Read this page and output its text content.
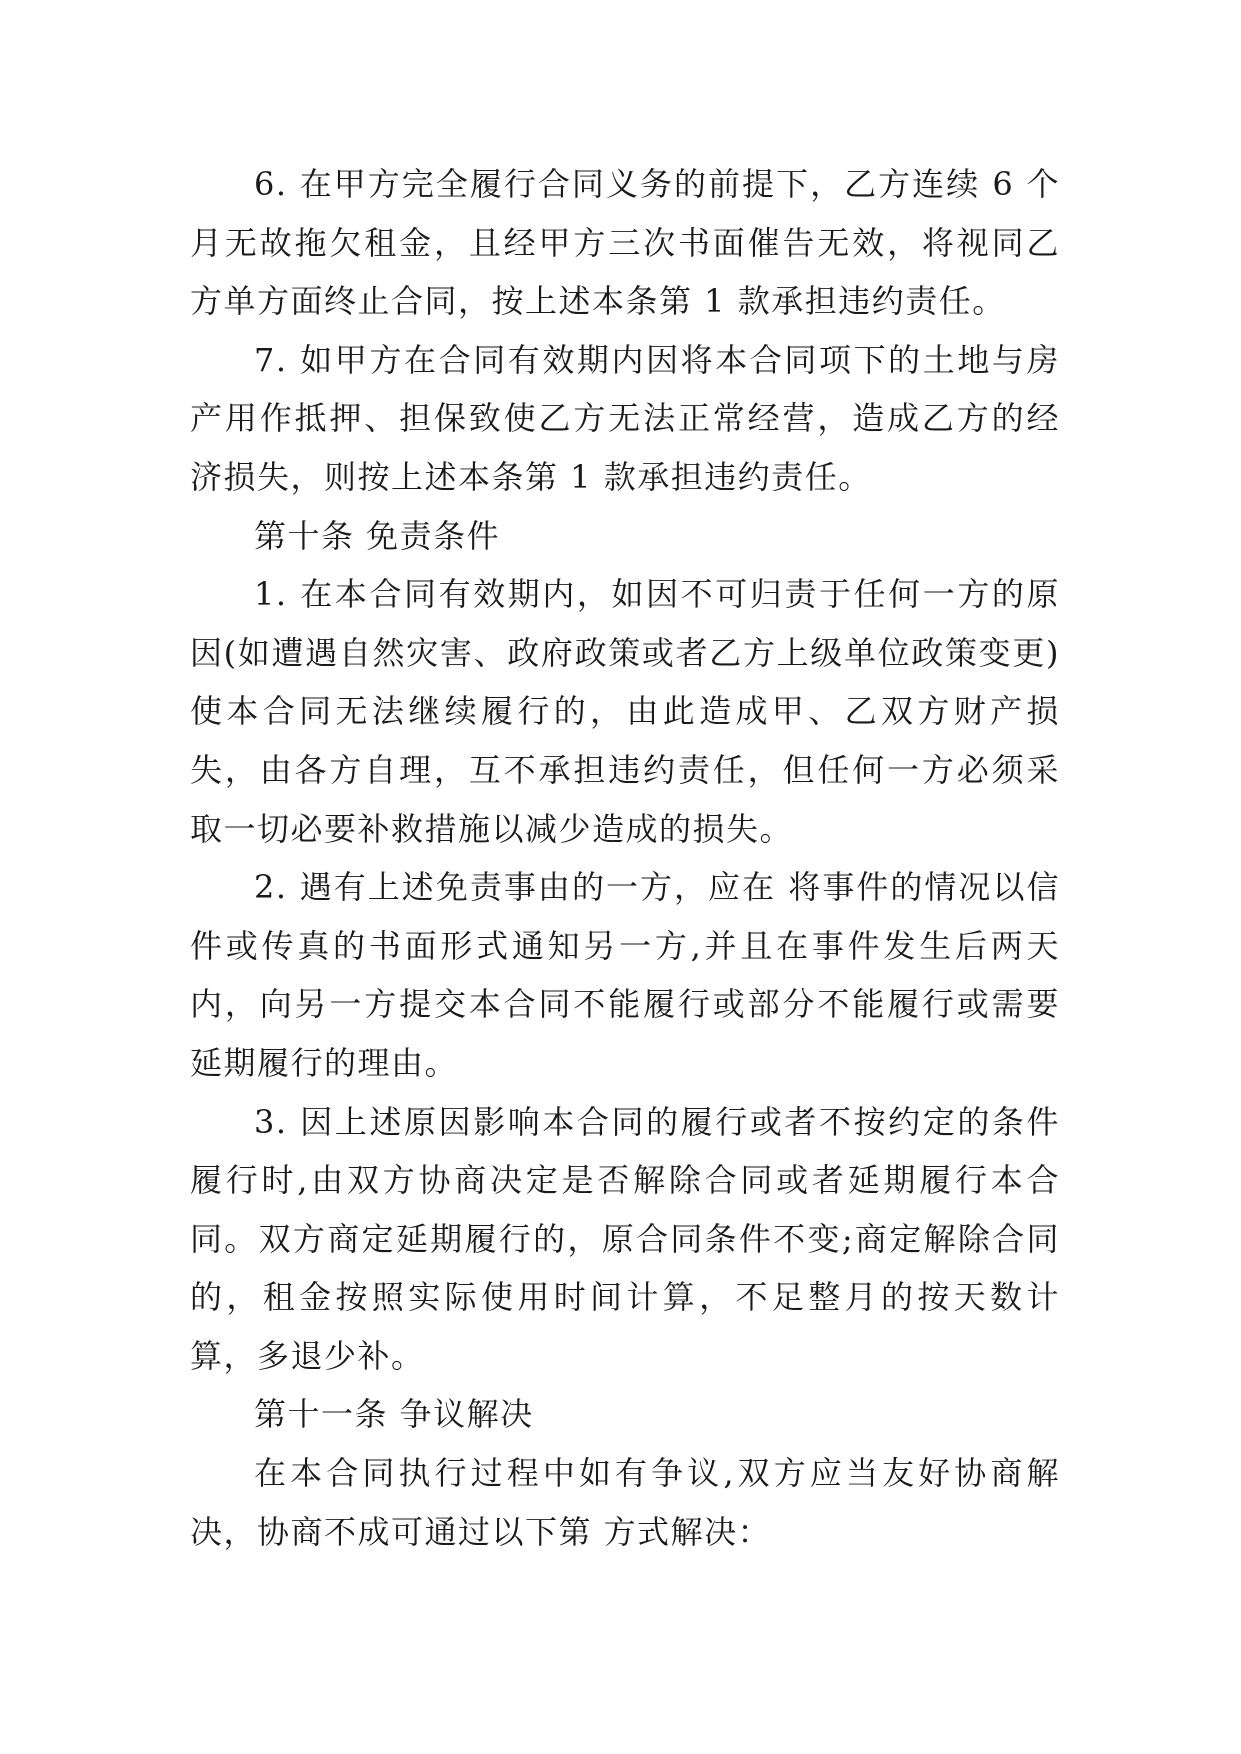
6. 在甲方完全履行合同义务的前提下，乙方连续 6 个月无故拖欠租金，且经甲方三次书面催告无效，将视同乙方单方面终止合同，按上述本条第 1 款承担违约责任。

7. 如甲方在合同有效期内因将本合同项下的土地与房产用作抵押、担保致使乙方无法正常经营，造成乙方的经济损失，则按上述本条第 1 款承担违约责任。

第十条 免责条件

1. 在本合同有效期内，如因不可归责于任何一方的原因(如遭遇自然灾害、政府政策或者乙方上级单位政策变更)使本合同无法继续履行的，由此造成甲、乙双方财产损失，由各方自理，互不承担违约责任，但任何一方必须采取一切必要补救措施以减少造成的损失。

2. 遇有上述免责事由的一方，应在 将事件的情况以信件或传真的书面形式通知另一方,并且在事件发生后两天内，向另一方提交本合同不能履行或部分不能履行或需要延期履行的理由。

3. 因上述原因影响本合同的履行或者不按约定的条件履行时,由双方协商决定是否解除合同或者延期履行本合同。双方商定延期履行的，原合同条件不变;商定解除合同的，租金按照实际使用时间计算，不足整月的按天数计算，多退少补。

第十一条 争议解决

在本合同执行过程中如有争议,双方应当友好协商解决，协商不成可通过以下第 方式解决：
